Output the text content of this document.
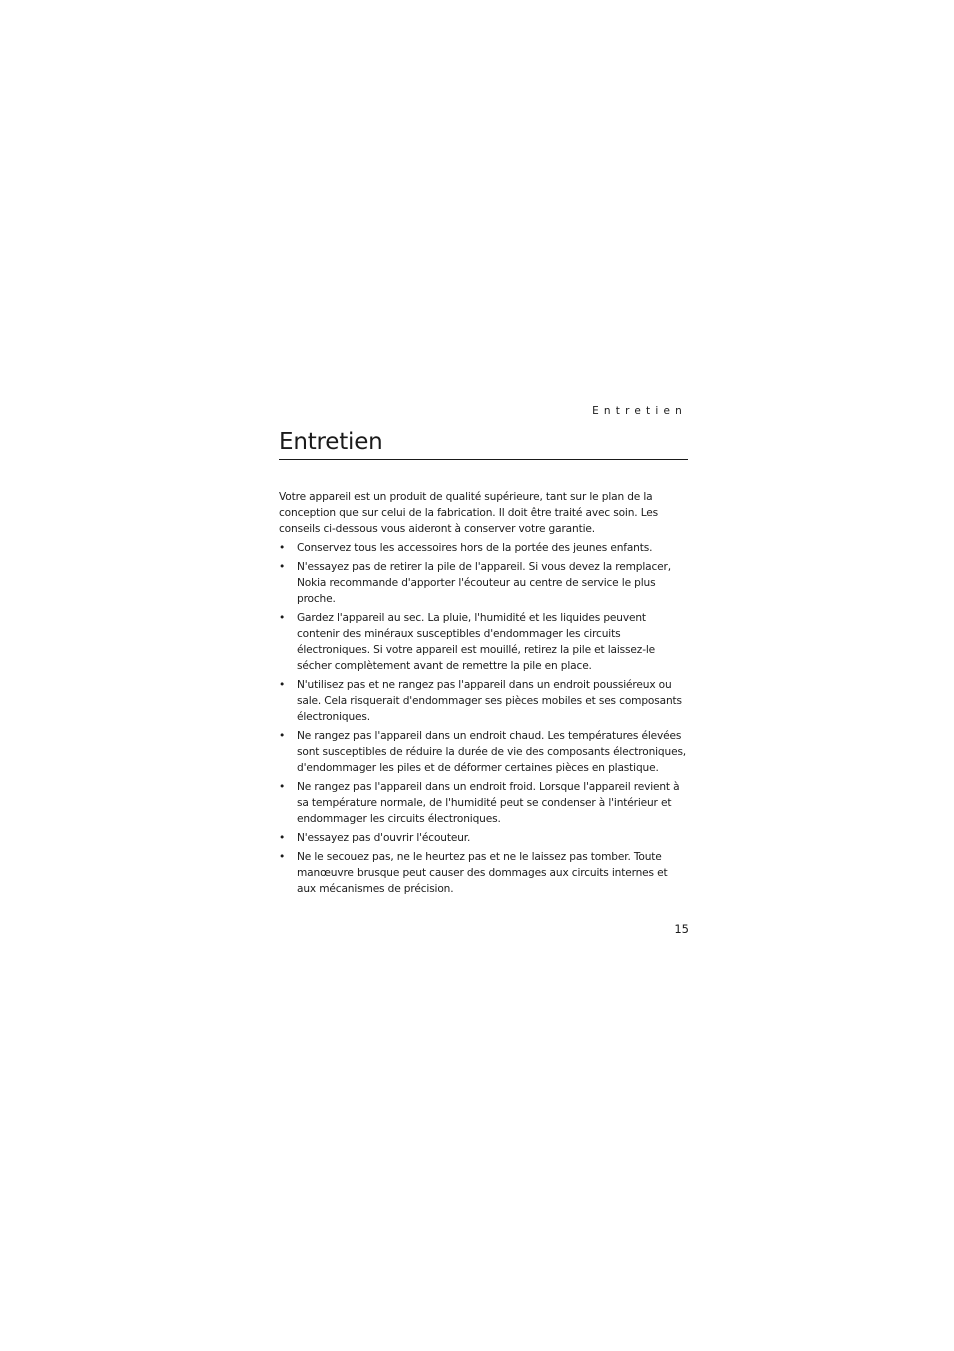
Entretien
Entretien

Votre appareil est un produit de qualité supérieure, tant sur le plan de la conception que sur celui de la fabrication. Il doit être traité avec soin. Les conseils ci-dessous vous aideront à conserver votre garantie.

•	Conservez tous les accessoires hors de la portée des jeunes enfants.
•	N'essayez pas de retirer la pile de l'appareil. Si vous devez la remplacer, Nokia recommande d'apporter l'écouteur au centre de service le plus proche.
•	Gardez l'appareil au sec. La pluie, l'humidité et les liquides peuvent contenir des minéraux susceptibles d'endommager les circuits électroniques. Si votre appareil est mouillé, retirez la pile et laissez-le sécher complètement avant de remettre la pile en place.
•	N'utilisez pas et ne rangez pas l'appareil dans un endroit poussiéreux ou sale. Cela risquerait d'endommager ses pièces mobiles et ses composants électroniques.
•	Ne rangez pas l'appareil dans un endroit chaud. Les températures élevées sont susceptibles de réduire la durée de vie des composants électroniques, d'endommager les piles et de déformer certaines pièces en plastique.
•	Ne rangez pas l'appareil dans un endroit froid. Lorsque l'appareil revient à sa température normale, de l'humidité peut se condenser à l'intérieur et endommager les circuits électroniques.
•	N'essayez pas d'ouvrir l'écouteur.
•	Ne le secouez pas, ne le heurtez pas et ne le laissez pas tomber. Toute manœuvre brusque peut causer des dommages aux circuits internes et aux mécanismes de précision.
15
